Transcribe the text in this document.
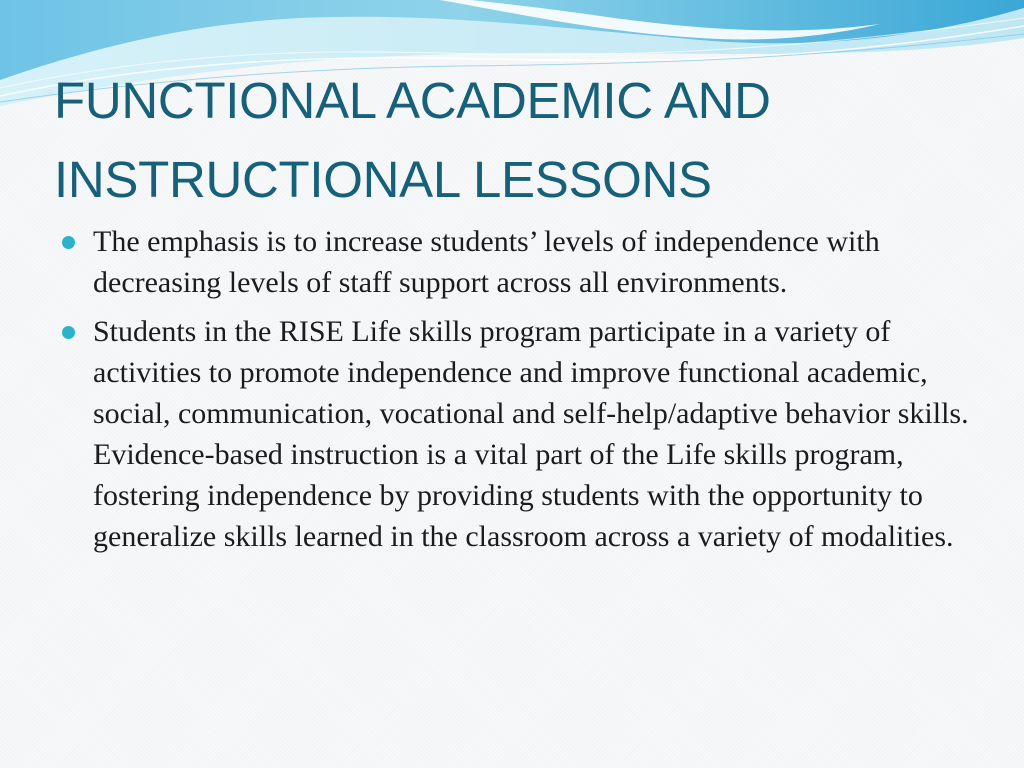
FUNCTIONAL ACADEMIC AND
INSTRUCTIONAL LESSONS
The emphasis is to increase students’ levels of independence with decreasing levels of staff support across all environments.
Students in the RISE Life skills program participate in a variety of activities to promote independence and improve functional academic, social, communication, vocational and self-help/adaptive behavior skills. Evidence-based instruction is a vital part of the Life skills program, fostering independence by providing students with the opportunity to generalize skills learned in the classroom across a variety of modalities.
